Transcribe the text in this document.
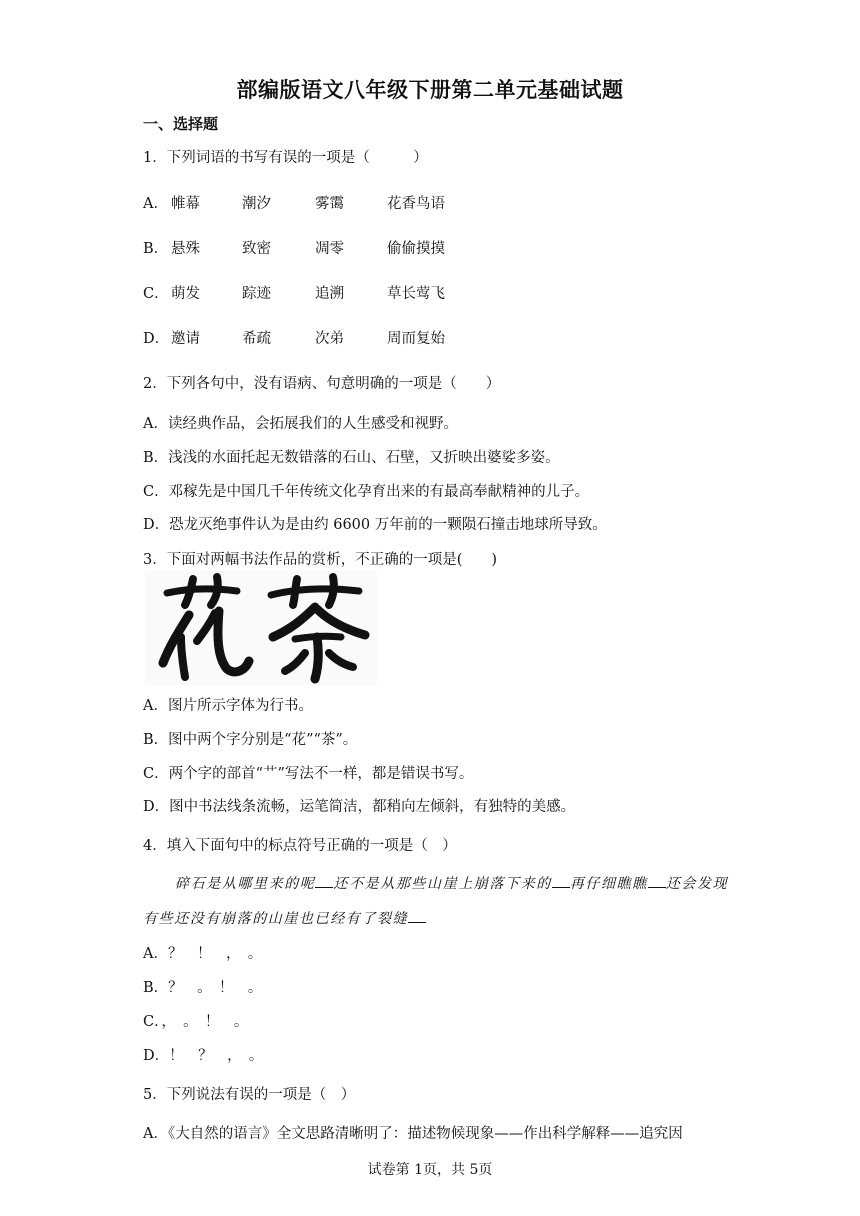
部编版语文八年级下册第二单元基础试题
一、选择题
1．下列词语的书写有误的一项是（　　　）
A． 帷幕	潮汐	雾霭	花香鸟语
B． 悬殊	致密	凋零	偷偷摸摸
C． 萌发	踪迹	追溯	草长莺飞
D． 邀请	希疏	次弟	周而复始
2．下列各句中，没有语病、句意明确的一项是（　　）
A．读经典作品，会拓展我们的人生感受和视野。
B．浅浅的水面托起无数错落的石山、石壁，又折映出婆娑多姿。
C．邓稼先是中国几千年传统文化孕育出来的有最高奉献精神的儿子。
D．恐龙灭绝事件认为是由约 6600 万年前的一颗陨石撞击地球所导致。
3．下面对两幅书法作品的赏析，不正确的一项是(　　)
A．图片所示字体为行书。
B．图中两个字分别是“花”“茶”。
C．两个字的部首“艹”写法不一样，都是错误书写。
D．图中书法线条流畅，运笔简洁，都稍向左倾斜，有独特的美感。
4．填入下面句中的标点符号正确的一项是（　）
碎石是从哪里来的呢 还不是从那些山崖上崩落下来的 再仔细瞧瞧 还会发现
有些还没有崩落的山崖也已经有了裂缝
A．？　！　，　。
B．？　。　！　。
C．，　。　！　。
D．！　？　，　。
5．下列说法有误的一项是（　）
A．《大自然的语言》全文思路清晰明了：描述物候现象——作出科学解释——追究因
试卷第 1页，共 5页
